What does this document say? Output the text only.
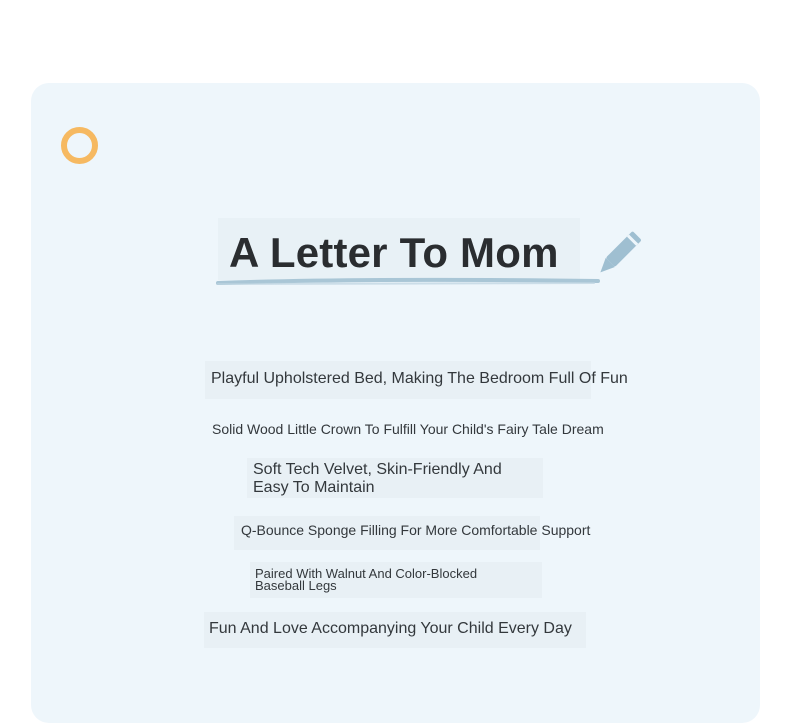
A Letter To Mom

Playful Upholstered Bed, Making The Bedroom Full Of Fun

Solid Wood Little Crown To Fulfill Your Child's Fairy Tale Dream

Soft Tech Velvet, Skin-Friendly And Easy To Maintain

Q-Bounce Sponge Filling For More Comfortable Support

Paired With Walnut And Color-Blocked Baseball Legs

Fun And Love Accompanying Your Child Every Day
